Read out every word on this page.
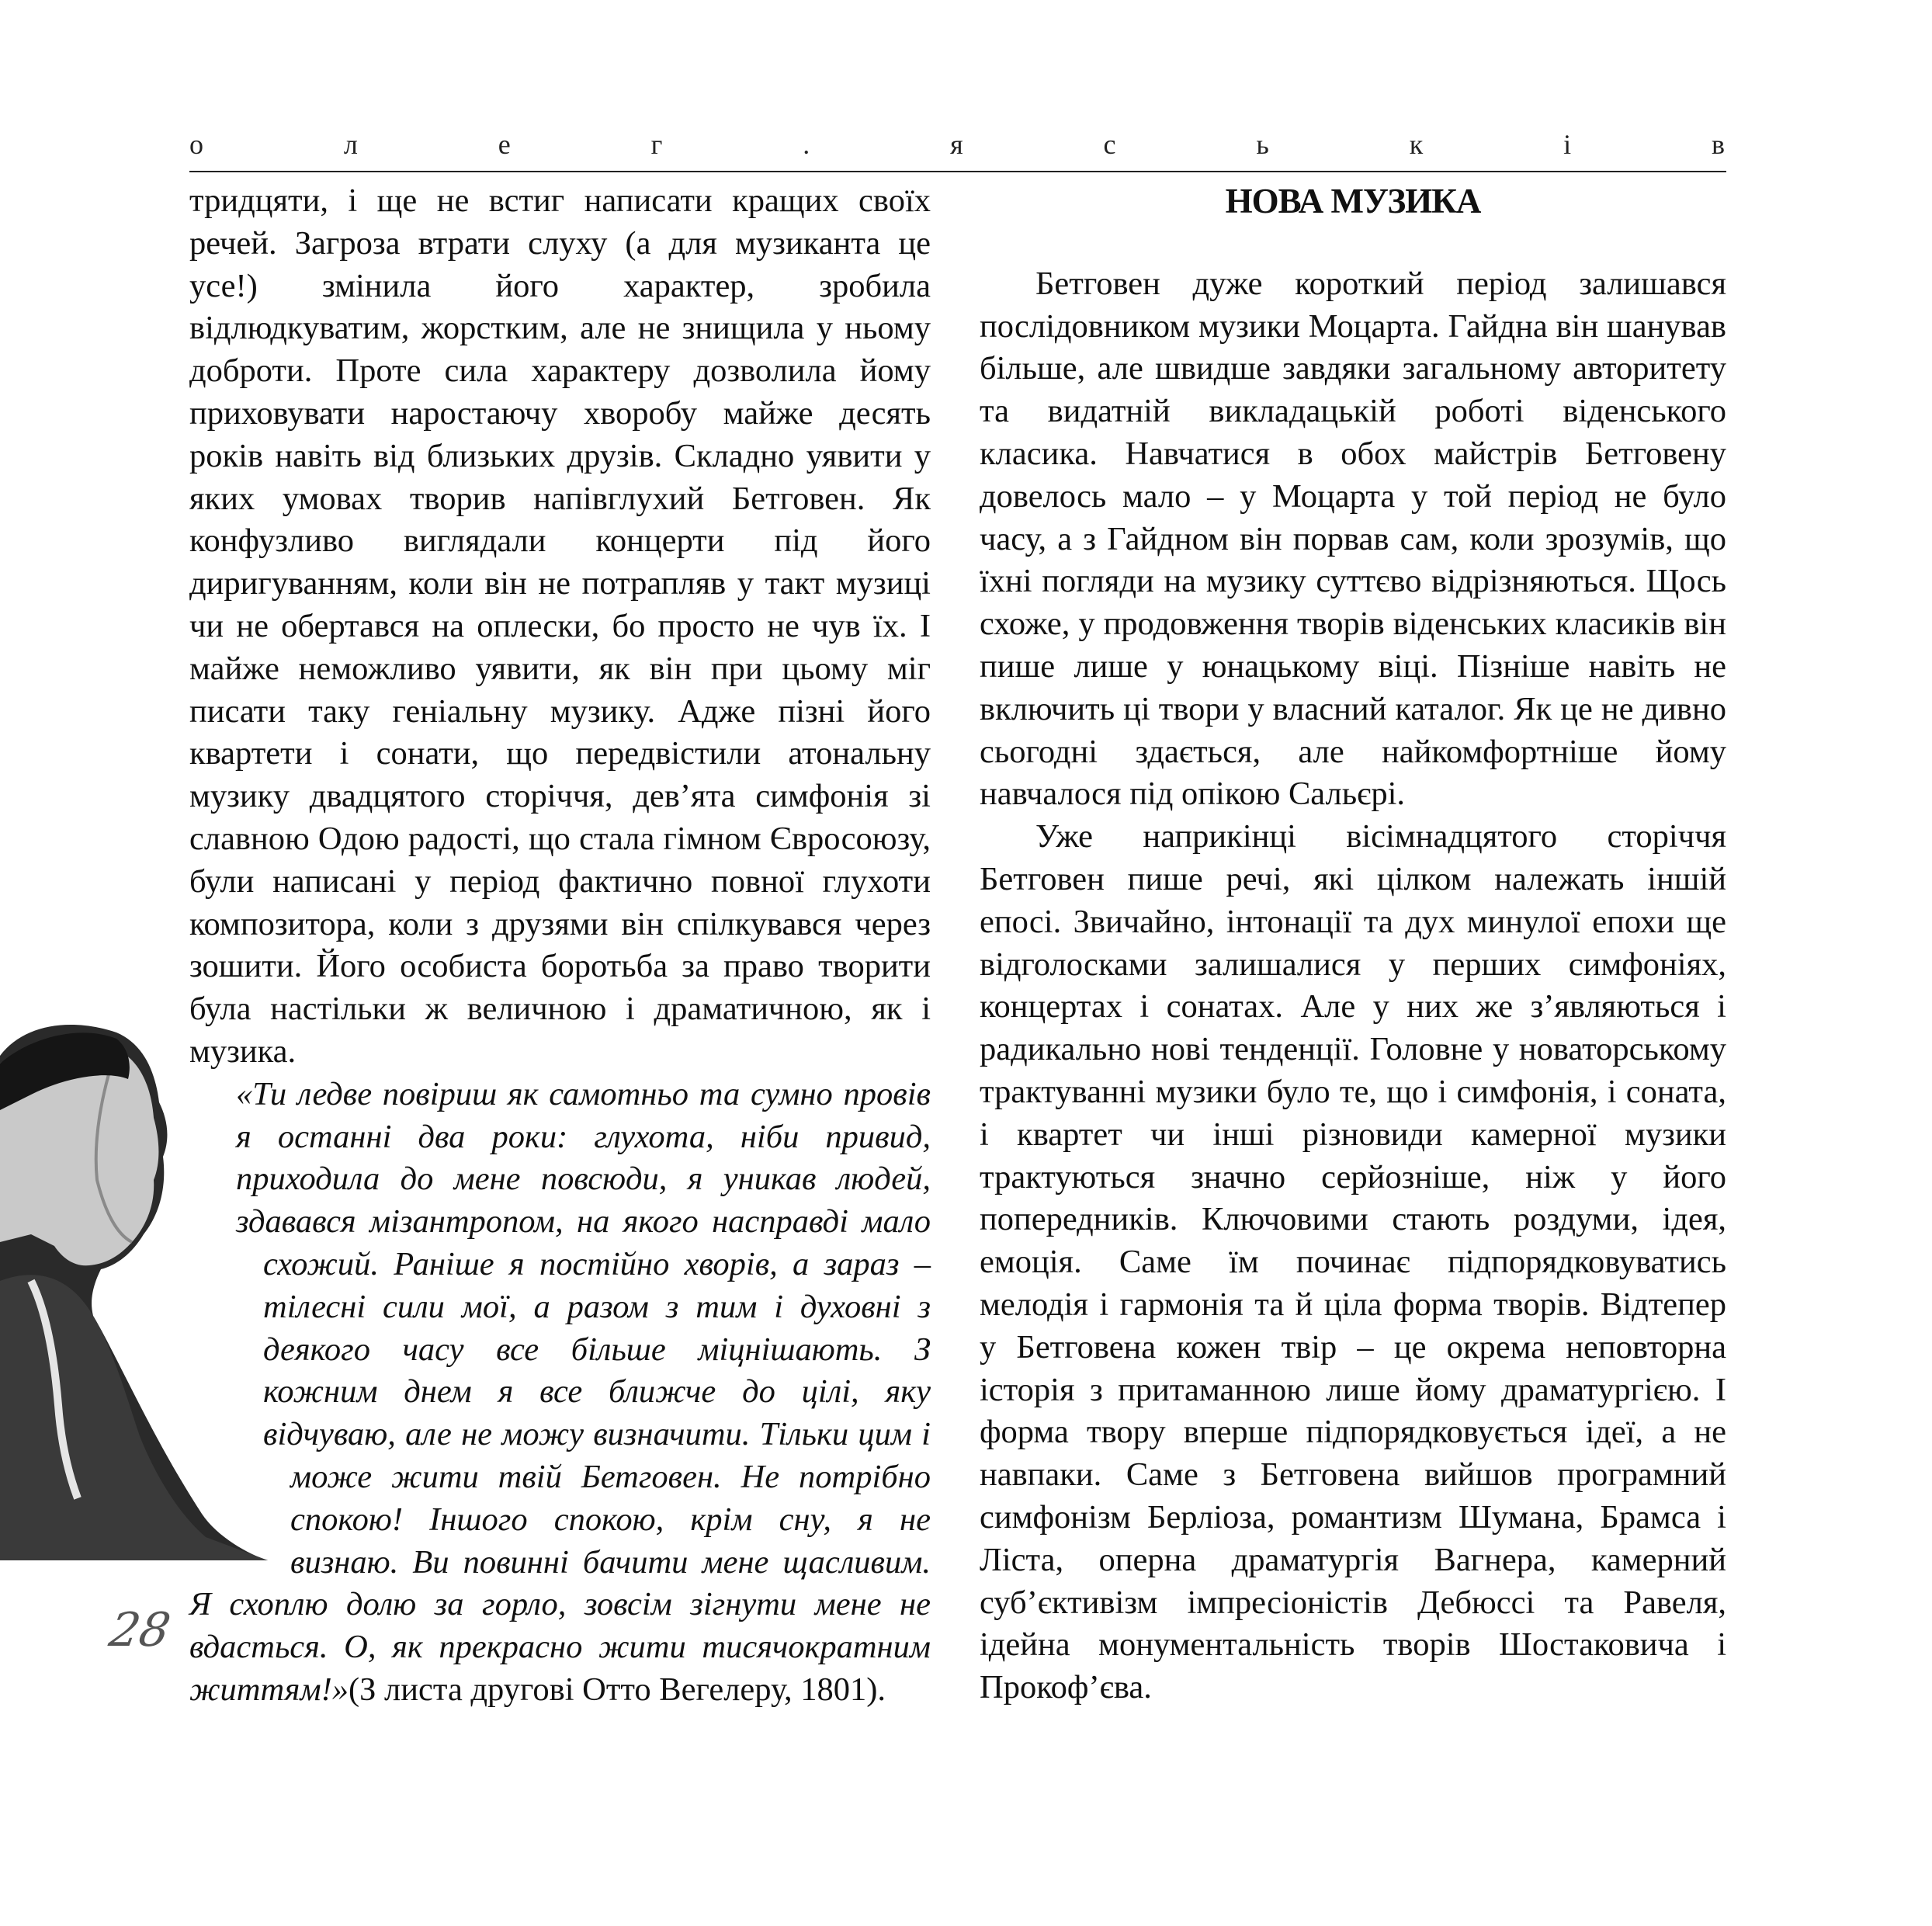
о	л	е	г	.	я	с	ь	к	і	в

тридцяти, і ще не встиг написати кращих своїх речей. Загроза втрати слуху (а для музиканта це усе!) змінила його характер, зробила відлюдкуватим, жорстким, але не знищила у ньому доброти. Проте сила характеру дозволила йому приховувати наростаючу хворобу майже десять років навіть від близьких друзів. Складно уявити у яких умовах творив напівглухий Бетговен. Як конфузливо виглядали концерти під його диригуванням, коли він не потрапляв у такт музиці чи не обертався на оплески, бо просто не чув їх. І майже неможливо уявити, як він при цьому міг писати таку геніальну музику. Адже пізні його квартети і сонати, що передвістили атональну музику двадцятого сторіччя, дев’ята симфонія зі славною Одою радості, що стала гімном Євросоюзу, були написані у період фактично повної глухоти композитора, коли з друзями він спілкувався через зошити. Його особиста боротьба за право творити була настільки ж величною і драматичною, як і музика.

«Ти ледве повіриш як самотньо та сумно провів я останні два роки: глухота, ніби привид, приходила до мене повсюди, я уникав людей, здавався мізантропом, на якого насправді мало схожий. Раніше я постійно хворів, а зараз – тілесні сили мої, а разом з тим і духовні з деякого часу все більше міцнішають. З кожним днем я все ближче до цілі, яку відчуваю, але не можу визначити. Тільки цим і може жити твій Бетговен. Не потрібно спокою! Іншого спокою, крім сну, я не визнаю. Ви повинні бачити мене щасливим. Я схоплю долю за горло, зовсім зігнути мене не вдасться. О, як прекрасно жити тисячократним життям!»(З листа другові Отто Вегелеру, 1801).

НОВА МУЗИКА

Бетговен дуже короткий період залишався послідовником музики Моцарта. Гайдна він шанував більше, але швидше завдяки загальному авторитету та видатній викладацькій роботі віденського класика. Навчатися в обох майстрів Бетговену довелось мало – у Моцарта у той період не було часу, а з Гайдном він порвав сам, коли зрозумів, що їхні погляди на музику суттєво відрізняються. Щось схоже, у продовження творів віденських класиків він пише лише у юнацькому віці. Пізніше навіть не включить ці твори у власний каталог. Як це не дивно сьогодні здається, але найкомфортніше йому навчалося під опікою Сальєрі.

Уже наприкінці вісімнадцятого сторіччя Бетговен пише речі, які цілком належать іншій епосі. Звичайно, інтонації та дух минулої епохи ще відголосками залишалися у перших симфоніях, концертах і сонатах. Але у них же з’являються і радикально нові тенденції. Головне у новаторському трактуванні музики було те, що і симфонія, і соната, і квартет чи інші різновиди камерної музики трактуються значно серйозніше, ніж у його попередників. Ключовими стають роздуми, ідея, емоція. Саме їм починає підпорядковуватись мелодія і гармонія та й ціла форма творів. Відтепер у Бетговена кожен твір – це окрема неповторна історія з притаманною лише йому драматургією. І форма твору вперше підпорядковується ідеї, а не навпаки. Саме з Бетговена вийшов програмний симфонізм Берліоза, романтизм Шумана, Брамса і Ліста, оперна драматургія Вагнера, камерний суб’єктивізм імпресіоністів Дебюссі та Равеля, ідейна монументальність творів Шостаковича і Прокоф’єва.

28
